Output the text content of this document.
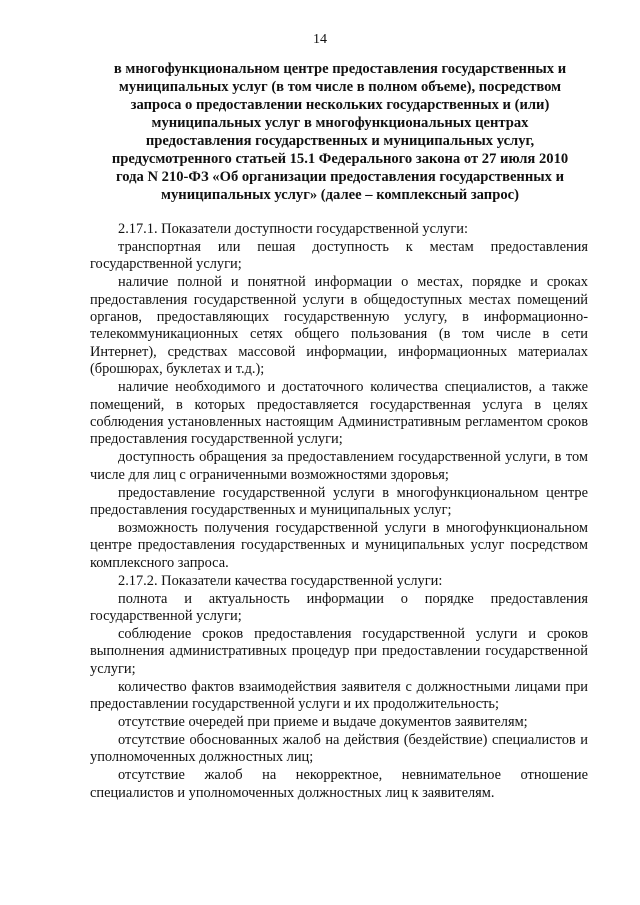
14
в многофункциональном центре предоставления государственных и
муниципальных услуг (в том числе в полном объеме), посредством
запроса о предоставлении нескольких государственных и (или)
муниципальных услуг в многофункциональных центрах
предоставления государственных и муниципальных услуг,
предусмотренного статьей 15.1 Федерального закона от 27 июля 2010
года N 210-ФЗ «Об организации предоставления государственных и
муниципальных услуг» (далее – комплексный запрос)

2.17.1. Показатели доступности государственной услуги:

транспортная или пешая доступность к местам предоставления государственной услуги;

наличие полной и понятной информации о местах, порядке и сроках предоставления государственной услуги в общедоступных местах помещений органов, предоставляющих государственную услугу, в информационно-телекоммуникационных сетях общего пользования (в том числе в сети Интернет), средствах массовой информации, информационных материалах (брошюрах, буклетах и т.д.);

наличие необходимого и достаточного количества специалистов, а также помещений, в которых предоставляется государственная услуга в целях соблюдения установленных настоящим Административным регламентом сроков предоставления государственной услуги;

доступность обращения за предоставлением государственной услуги, в том числе для лиц с ограниченными возможностями здоровья;

предоставление государственной услуги в многофункциональном центре предоставления государственных и муниципальных услуг;

возможность получения государственной услуги в многофункциональном центре предоставления государственных и муниципальных услуг посредством комплексного запроса.

2.17.2. Показатели качества государственной услуги:

полнота и актуальность информации о порядке предоставления государственной услуги;

соблюдение сроков предоставления государственной услуги и сроков выполнения административных процедур при предоставлении государственной услуги;

количество фактов взаимодействия заявителя с должностными лицами при предоставлении государственной услуги и их продолжительность;

отсутствие очередей при приеме и выдаче документов заявителям;

отсутствие обоснованных жалоб на действия (бездействие) специалистов и уполномоченных должностных лиц;

отсутствие жалоб на некорректное, невнимательное отношение специалистов и уполномоченных должностных лиц к заявителям.
